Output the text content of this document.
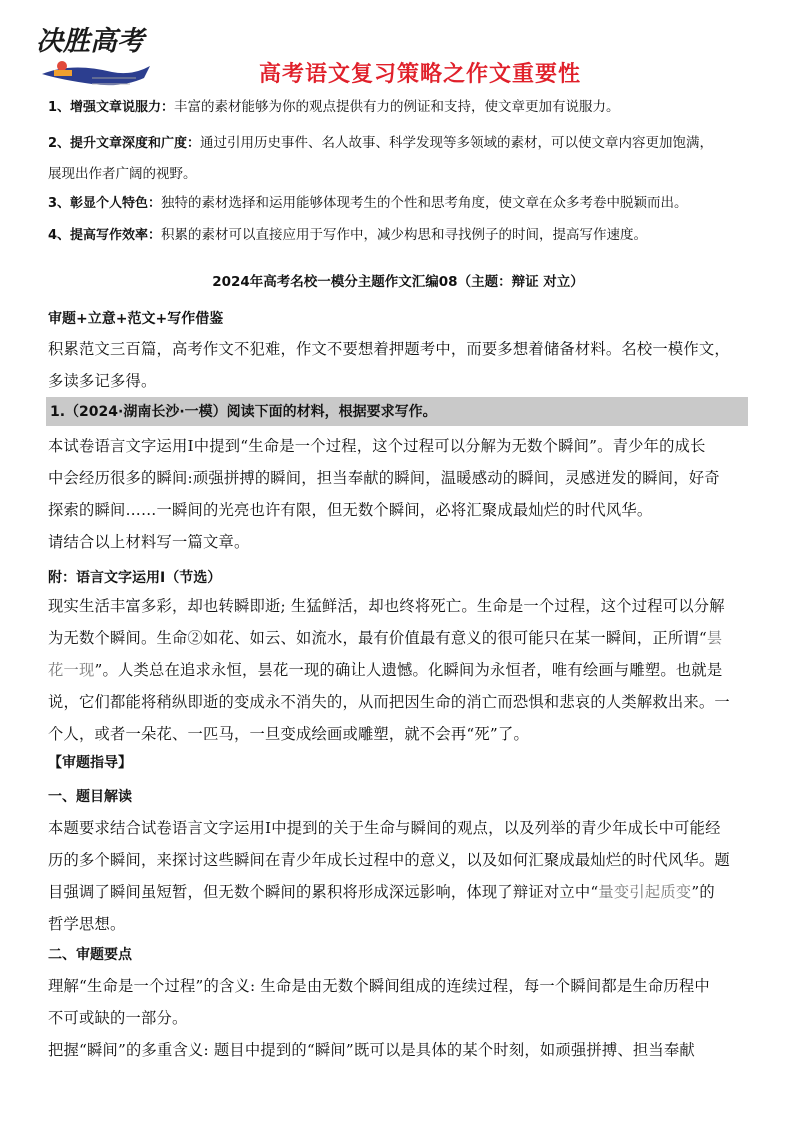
决胜高考
高考语文复习策略之作文重要性
1、增强文章说服力：丰富的素材能够为你的观点提供有力的例证和支持，使文章更加有说服力。
2、提升文章深度和广度：通过引用历史事件、名人故事、科学发现等多领域的素材，可以使文章内容更加饱满，
展现出作者广阔的视野。
3、彰显个人特色：独特的素材选择和运用能够体现考生的个性和思考角度，使文章在众多考卷中脱颖而出。
4、提高写作效率：积累的素材可以直接应用于写作中，减少构思和寻找例子的时间，提高写作速度。
2024年高考名校一模分主题作文汇编08（主题：辩证 对立）
审题+立意+范文+写作借鉴
积累范文三百篇，高考作文不犯难，作文不要想着押题考中，而要多想着储备材料。名校一模作文，
多读多记多得。
1.（2024·湖南长沙·一模）阅读下面的材料，根据要求写作。
本试卷语言文字运用Ⅰ中提到“生命是一个过程，这个过程可以分解为无数个瞬间”。青少年的成长
中会经历很多的瞬间:顽强拼搏的瞬间，担当奉献的瞬间，温暖感动的瞬间，灵感迸发的瞬间，好奇
探索的瞬间……一瞬间的光亮也许有限，但无数个瞬间，必将汇聚成最灿烂的时代风华。
请结合以上材料写一篇文章。
附：语言文字运用Ⅰ（节选）
现实生活丰富多彩，却也转瞬即逝; 生猛鲜活，却也终将死亡。生命是一个过程，这个过程可以分解
为无数个瞬间。生命②如花、如云、如流水，最有价值最有意义的很可能只在某一瞬间，正所谓“昙
花一现”。人类总在追求永恒，昙花一现的确让人遗憾。化瞬间为永恒者，唯有绘画与雕塑。也就是
说，它们都能将稍纵即逝的变成永不消失的，从而把因生命的消亡而恐惧和悲哀的人类解救出来。一
个人，或者一朵花、一匹马，一旦变成绘画或雕塑，就不会再“死”了。
【审题指导】
一、题目解读
本题要求结合试卷语言文字运用Ⅰ中提到的关于生命与瞬间的观点，以及列举的青少年成长中可能经
历的多个瞬间，来探讨这些瞬间在青少年成长过程中的意义，以及如何汇聚成最灿烂的时代风华。题
目强调了瞬间虽短暂，但无数个瞬间的累积将形成深远影响，体现了辩证对立中“量变引起质变”的
哲学思想。
二、审题要点
理解“生命是一个过程”的含义: 生命是由无数个瞬间组成的连续过程，每一个瞬间都是生命历程中
不可或缺的一部分。
把握“瞬间”的多重含义: 题目中提到的“瞬间”既可以是具体的某个时刻，如顽强拼搏、担当奉献
